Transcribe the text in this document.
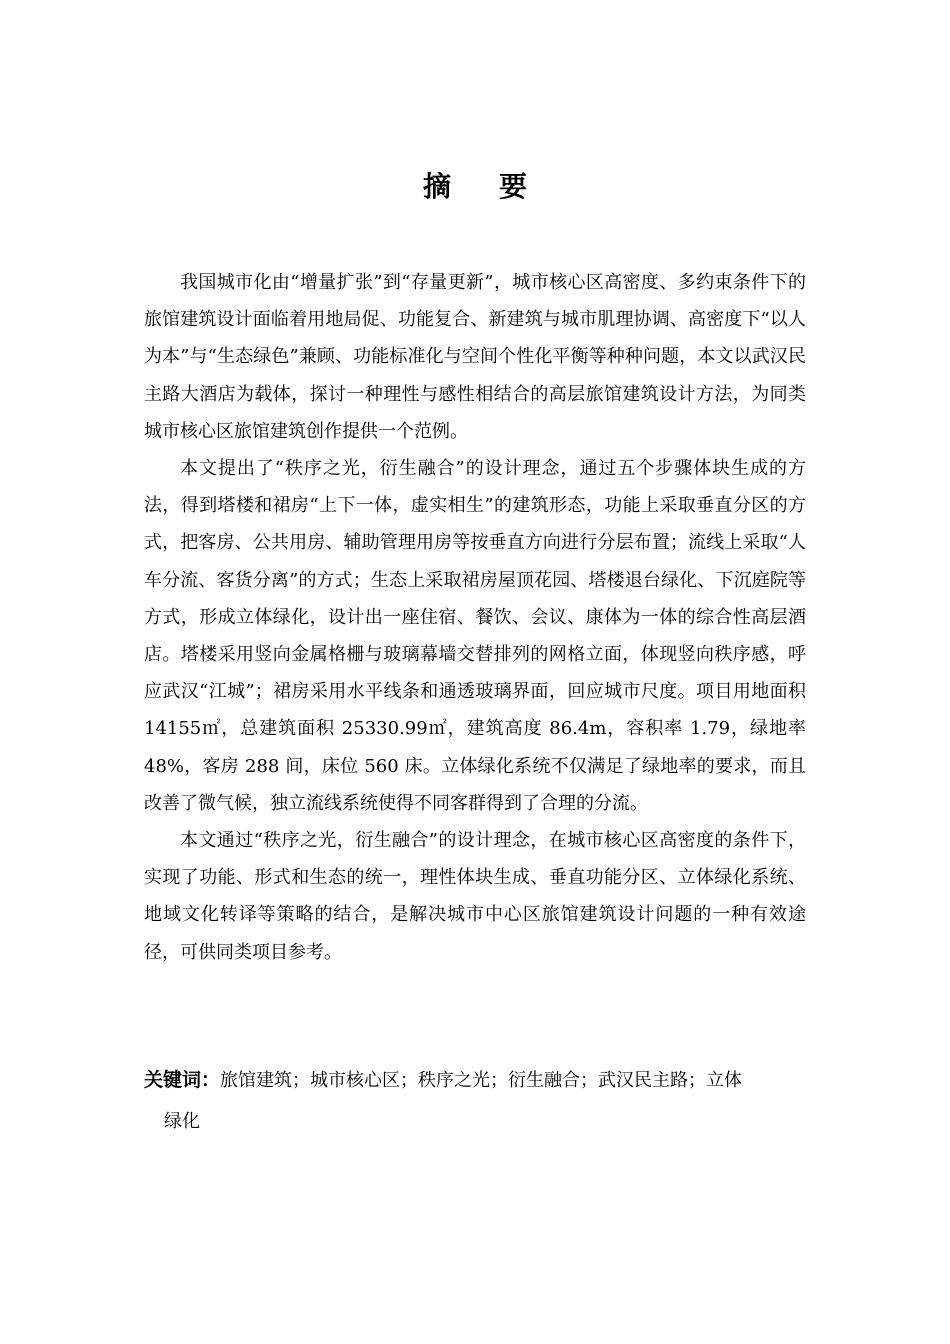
摘要

我国城市化由“增量扩张”到“存量更新”，城市核心区高密度、多约束条件下的旅馆建筑设计面临着用地局促、功能复合、新建筑与城市肌理协调、高密度下“以人为本”与“生态绿色”兼顾、功能标准化与空间个性化平衡等种种问题，本文以武汉民主路大酒店为载体，探讨一种理性与感性相结合的高层旅馆建筑设计方法，为同类城市核心区旅馆建筑创作提供一个范例。

本文提出了“秩序之光，衍生融合”的设计理念，通过五个步骤体块生成的方法，得到塔楼和裙房“上下一体，虚实相生”的建筑形态，功能上采取垂直分区的方式，把客房、公共用房、辅助管理用房等按垂直方向进行分层布置；流线上采取“人车分流、客货分离”的方式；生态上采取裙房屋顶花园、塔楼退台绿化、下沉庭院等方式，形成立体绿化，设计出一座住宿、餐饮、会议、康体为一体的综合性高层酒店。塔楼采用竖向金属格栅与玻璃幕墙交替排列的网格立面，体现竖向秩序感，呼应武汉“江城”；裙房采用水平线条和通透玻璃界面，回应城市尺度。项目用地面积 14155㎡，总建筑面积 25330.99㎡，建筑高度 86.4m，容积率 1.79，绿地率 48%，客房 288 间，床位 560 床。立体绿化系统不仅满足了绿地率的要求，而且改善了微气候，独立流线系统使得不同客群得到了合理的分流。

本文通过“秩序之光，衍生融合”的设计理念，在城市核心区高密度的条件下，实现了功能、形式和生态的统一，理性体块生成、垂直功能分区、立体绿化系统、地域文化转译等策略的结合，是解决城市中心区旅馆建筑设计问题的一种有效途径，可供同类项目参考。

关键词：旅馆建筑；城市核心区；秩序之光；衍生融合；武汉民主路；立体
绿化
